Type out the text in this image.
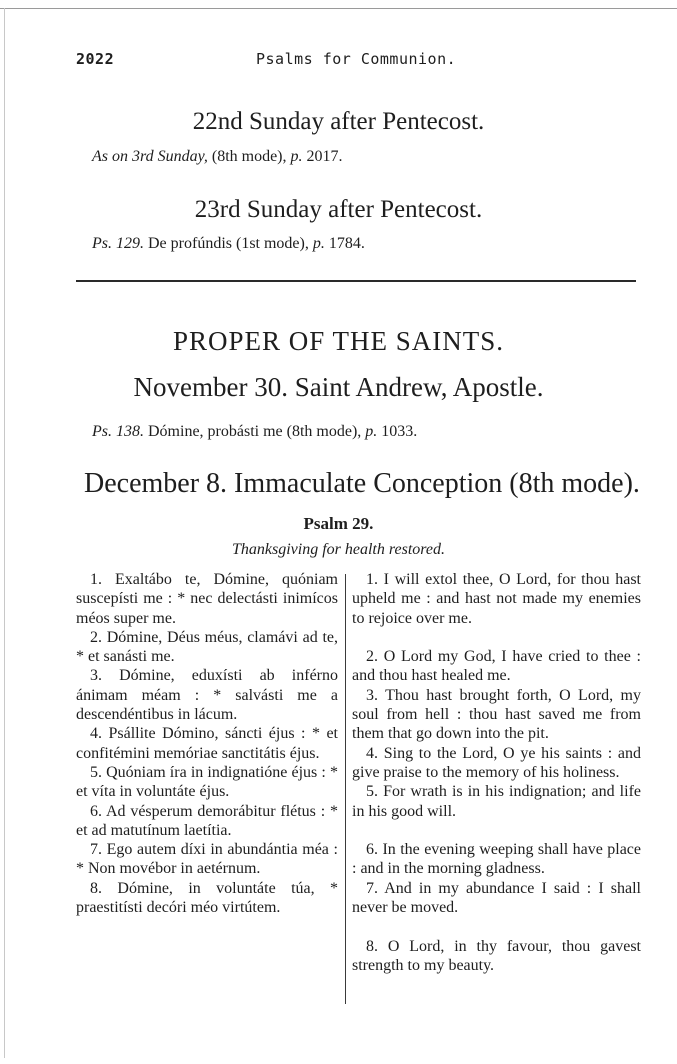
2022	Psalms for Communion.
22nd Sunday after Pentecost.
As on 3rd Sunday, (8th mode), p. 2017.
23rd Sunday after Pentecost.
Ps. 129. De profúndis (1st mode), p. 1784.
PROPER OF THE SAINTS.
November 30. Saint Andrew, Apostle.
Ps. 138. Dómine, probásti me (8th mode), p. 1033.
December 8. Immaculate Conception (8th mode).
Psalm 29.
Thanksgiving for health restored.

1. Exaltábo te, Dómine, quóniam suscepísti me : * nec delectásti inimícos méos super me.

2. Dómine, Déus méus, clamávi ad te, * et sanásti me.

3. Dómine, eduxísti ab inférno ánimam méam : * salvásti me a descendéntibus in lácum.

4. Psállite Dómino, sáncti éjus : * et confitémini memóriae sanctitátis éjus.

5. Quóniam íra in indignatióne éjus : * et víta in voluntáte éjus.

6. Ad vésperum demorábitur flétus : * et ad matutínum laetítia.

7. Ego autem díxi in abundántia méa : * Non movébor in aetérnum.

8. Dómine, in voluntáte túa, * praestitísti decóri méo virtútem.

1. I will extol thee, O Lord, for thou hast upheld me : and hast not made my enemies to rejoice over me.

2. O Lord my God, I have cried to thee : and thou hast healed me.

3. Thou hast brought forth, O Lord, my soul from hell : thou hast saved me from them that go down into the pit.

4. Sing to the Lord, O ye his saints : and give praise to the memory of his holiness.

5. For wrath is in his indignation; and life in his good will.

6. In the evening weeping shall have place : and in the morning gladness.

7. And in my abundance I said : I shall never be moved.

8. O Lord, in thy favour, thou gavest strength to my beauty.
